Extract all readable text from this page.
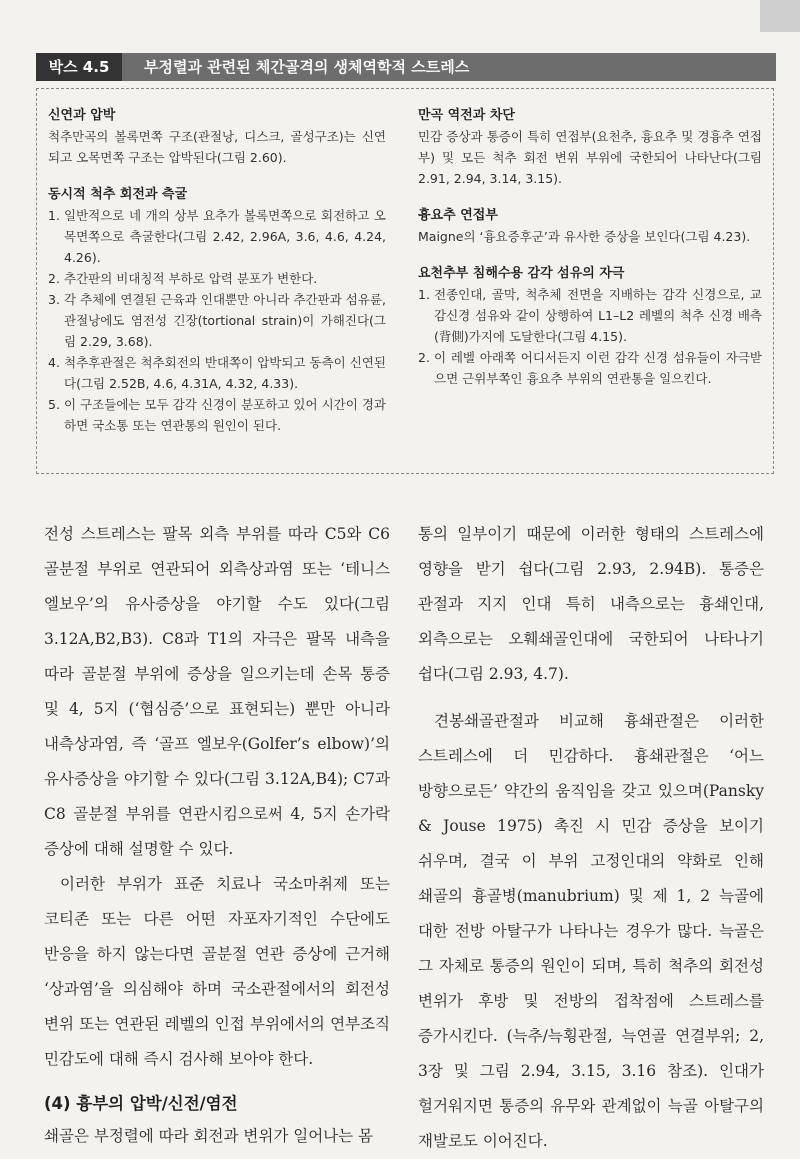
박스 4.5	부정렬과 관련된 체간골격의 생체역학적 스트레스

신연과 압박

척추만곡의 볼록면쪽 구조(관절낭, 디스크, 골성구조)는 신연되고 오목면쪽 구조는 압박된다(그림 2.60).

동시적 척추 회전과 측굴

1. 일반적으로 네 개의 상부 요추가 볼록면쪽으로 회전하고 오목면쪽으로 측굴한다(그림 2.42, 2.96A, 3.6, 4.6, 4.24, 4.26).
2. 추간판의 비대칭적 부하로 압력 분포가 변한다.
3. 각 추체에 연결된 근육과 인대뿐만 아니라 추간판과 섬유륜, 관절낭에도 염전성 긴장(tortional strain)이 가해진다(그림 2.29, 3.68).
4. 척추후관절은 척추회전의 반대쪽이 압박되고 동측이 신연된다(그림 2.52B, 4.6, 4.31A, 4.32, 4.33).
5. 이 구조들에는 모두 감각 신경이 분포하고 있어 시간이 경과하면 국소통 또는 연관통의 원인이 된다.

만곡 역전과 차단

민감 증상과 통증이 특히 연접부(요천추, 흉요추 및 경흉추 연접부) 및 모든 척추 회전 변위 부위에 국한되어 나타난다(그림 2.91, 2.94, 3.14, 3.15).

흉요추 연접부

Maigne의 ‘흉요증후군’과 유사한 증상을 보인다(그림 4.23).

요천추부 침해수용 감각 섬유의 자극

1. 전종인대, 골막, 척추체 전면을 지배하는 감각 신경으로, 교감신경 섬유와 같이 상행하여 L1–L2 레벨의 척추 신경 배측(背側)가지에 도달한다(그림 4.15).
2. 이 레벨 아래쪽 어디서든지 이런 감각 신경 섬유들이 자극받으면 근위부쪽인 흉요추 부위의 연관통을 일으킨다.

전성 스트레스는 팔목 외측 부위를 따라 C5와 C6 골분절 부위로 연관되어 외측상과염 또는 ‘테니스 엘보우’의 유사증상을 야기할 수도 있다(그림 3.12A,B2,B3). C8과 T1의 자극은 팔목 내측을 따라 골분절 부위에 증상을 일으키는데 손목 통증 및 4, 5지 (‘협심증’으로 표현되는) 뿐만 아니라 내측상과염, 즉 ‘골프 엘보우(Golfer’s elbow)’의 유사증상을 야기할 수 있다(그림 3.12A,B4); C7과 C8 골분절 부위를 연관시킴으로써 4, 5지 손가락 증상에 대해 설명할 수 있다.

이러한 부위가 표준 치료나 국소마취제 또는 코티존 또는 다른 어떤 자포자기적인 수단에도 반응을 하지 않는다면 골분절 연관 증상에 근거해 ‘상과염’을 의심해야 하며 국소관절에서의 회전성 변위 또는 연관된 레벨의 인접 부위에서의 연부조직 민감도에 대해 즉시 검사해 보아야 한다.

(4) 흉부의 압박/신전/염전

쇄골은 부정렬에 따라 회전과 변위가 일어나는 몸

통의 일부이기 때문에 이러한 형태의 스트레스에 영향을 받기 쉽다(그림 2.93, 2.94B). 통증은 관절과 지지 인대 특히 내측으로는 흉쇄인대, 외측으로는 오훼쇄골인대에 국한되어 나타나기 쉽다(그림 2.93, 4.7).

견봉쇄골관절과 비교해 흉쇄관절은 이러한 스트레스에 더 민감하다. 흉쇄관절은 ‘어느 방향으로든’ 약간의 움직임을 갖고 있으며(Pansky & Jouse 1975) 촉진 시 민감 증상을 보이기 쉬우며, 결국 이 부위 고정인대의 약화로 인해 쇄골의 흉골병(manubrium) 및 제 1, 2 늑골에 대한 전방 아탈구가 나타나는 경우가 많다. 늑골은 그 자체로 통증의 원인이 되며, 특히 척추의 회전성 변위가 후방 및 전방의 접착점에 스트레스를 증가시킨다. (늑추/늑횡관절, 늑연골 연결부위; 2, 3장 및 그림 2.94, 3.15, 3.16 참조). 인대가 헐거워지면 통증의 유무와 관계없이 늑골 아탈구의 재발로도 이어진다.
